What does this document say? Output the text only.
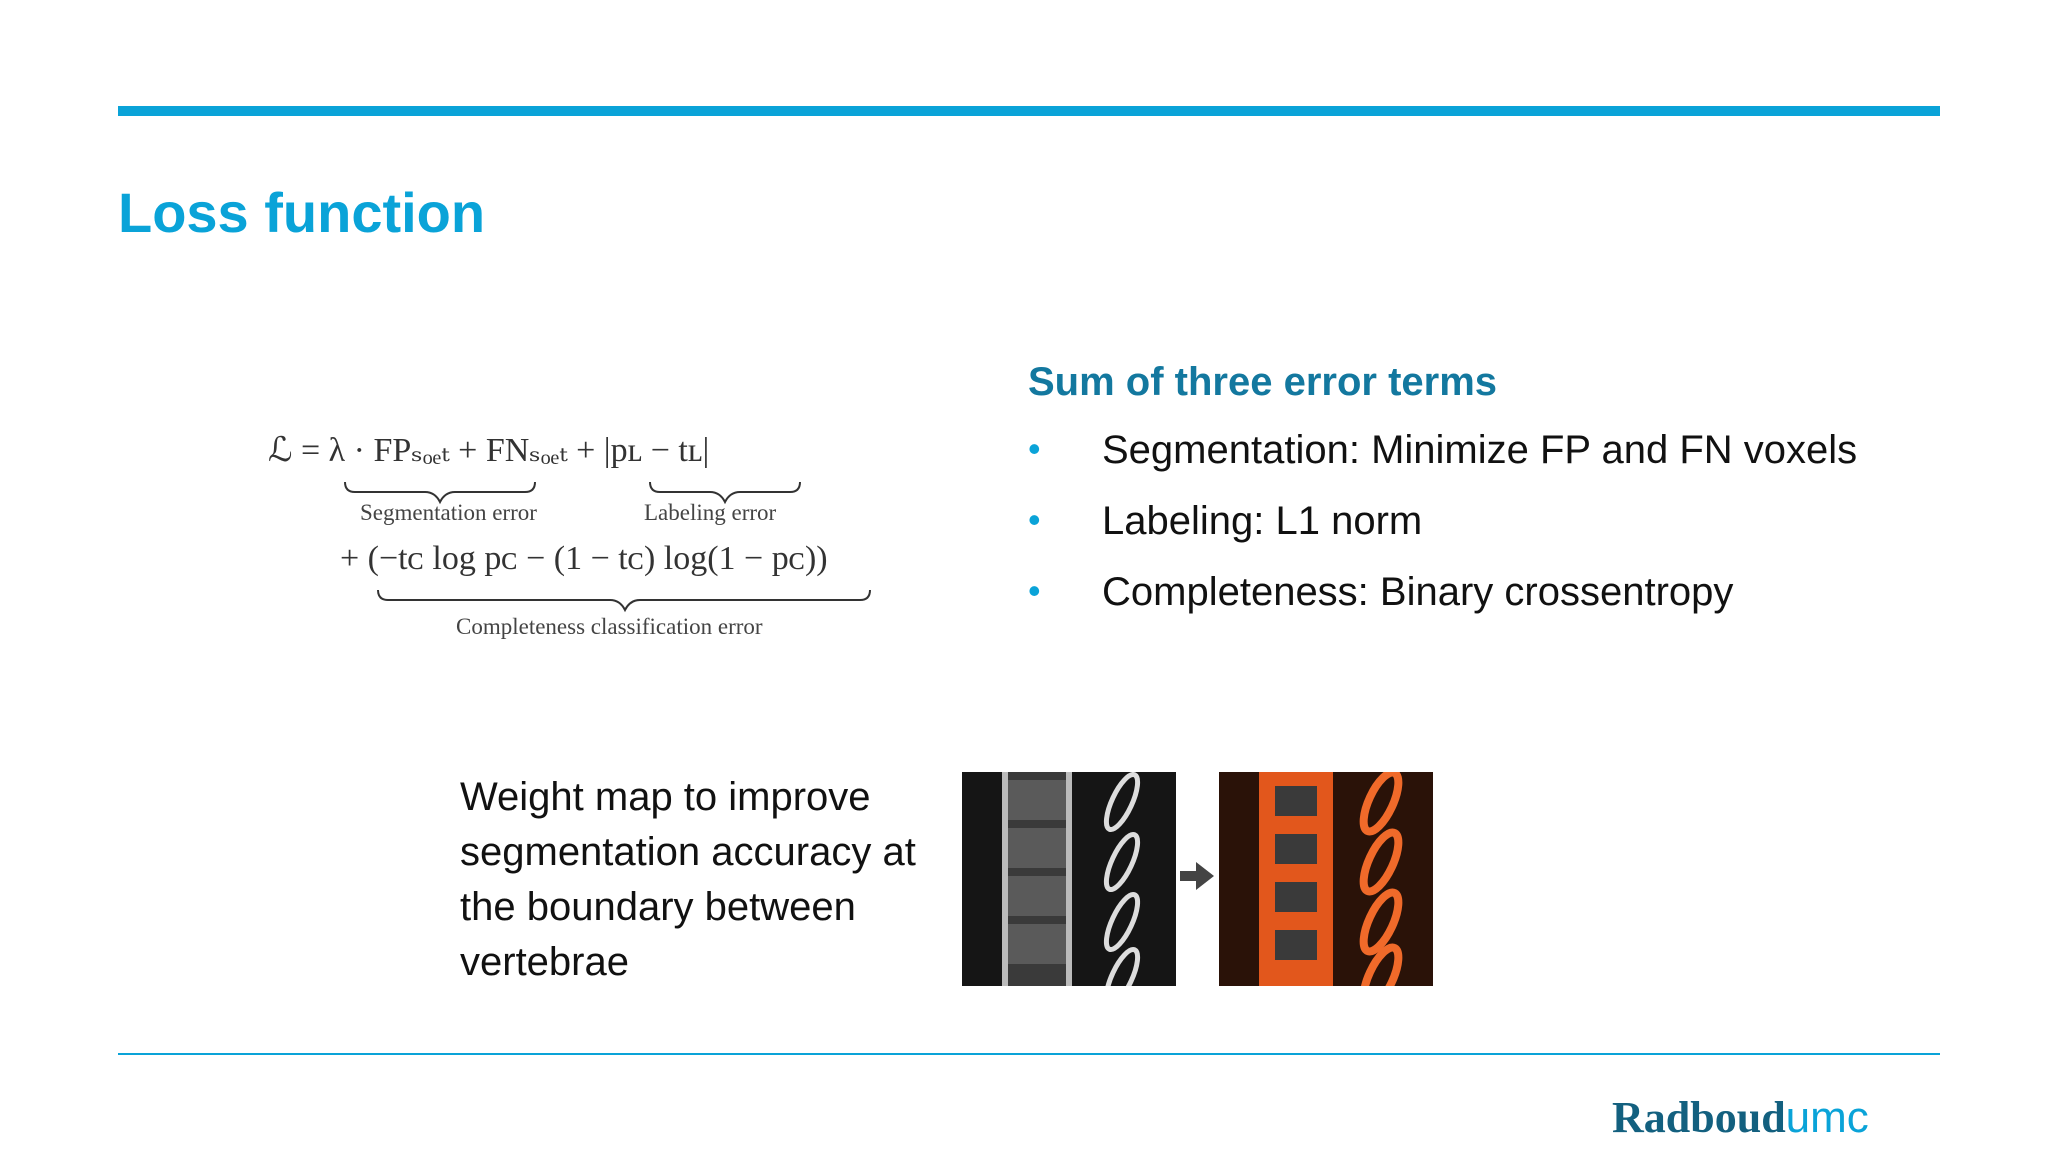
Loss function
ℒ = λ · FPₛₒₑₜ + FNₛₒₑₜ + |pʟ − tʟ|
Segmentation error	Labeling error
+ (−tᴄ log pᴄ − (1 − tᴄ) log(1 − pᴄ))
Completeness classification error
Sum of three error terms
• Segmentation: Minimize FP and FN voxels
• Labeling: L1 norm
• Completeness: Binary crossentropy
Weight map to improve segmentation accuracy at the boundary between vertebrae
Radboudumc
